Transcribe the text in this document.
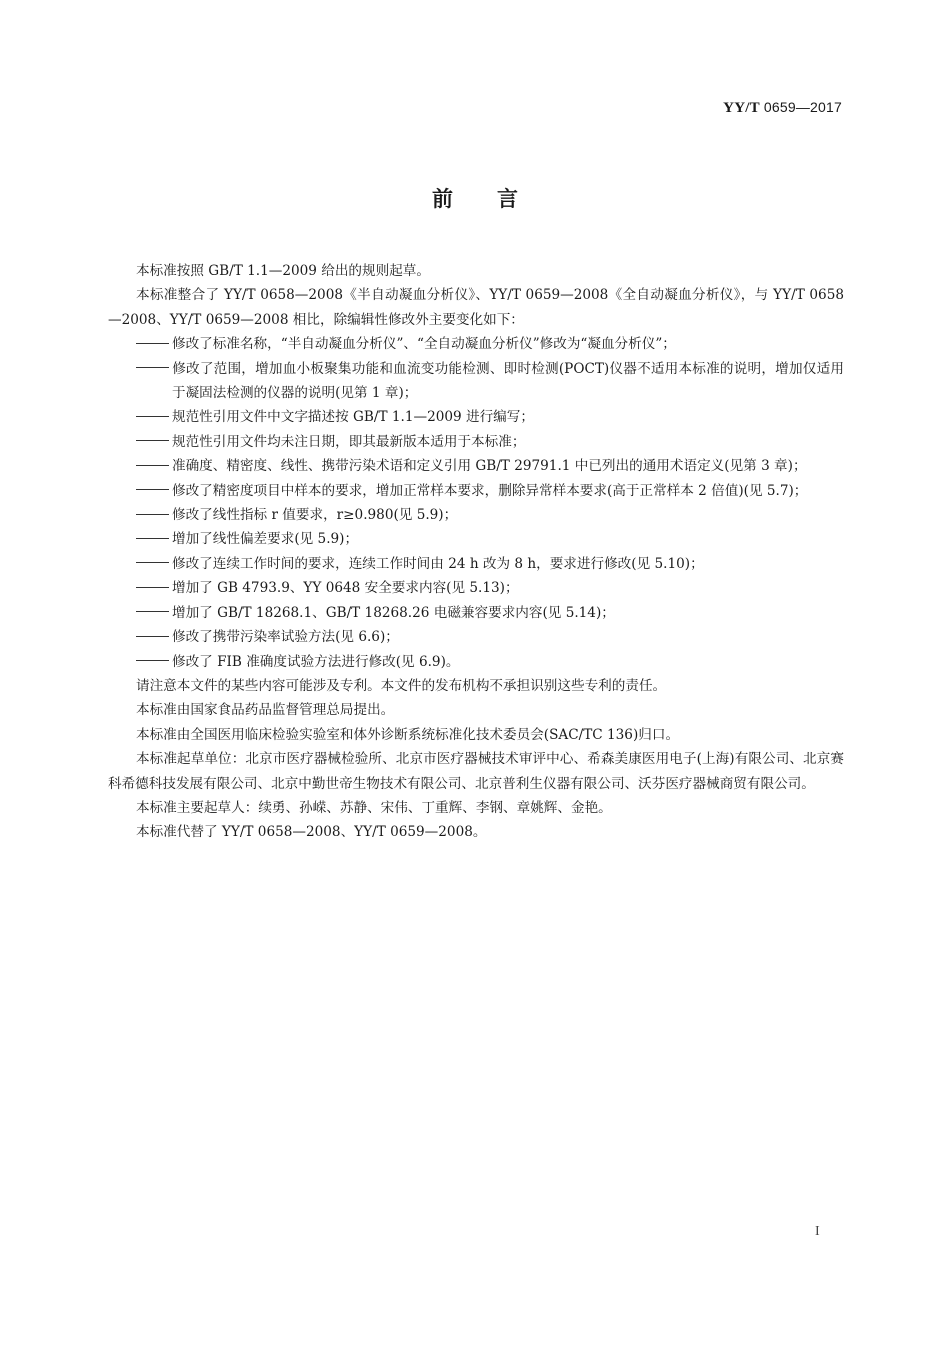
YY/T 0659—2017
前言

本标准按照 GB/T 1.1—2009 给出的规则起草。

本标准整合了 YY/T 0658—2008《半自动凝血分析仪》、YY/T 0659—2008《全自动凝血分析仪》，与 YY/T 0658—2008、YY/T 0659—2008 相比，除编辑性修改外主要变化如下：

修改了标准名称，“半自动凝血分析仪”、“全自动凝血分析仪”修改为“凝血分析仪”；

修改了范围，增加血小板聚集功能和血流变功能检测、即时检测(POCT)仪器不适用本标准的说明，增加仅适用于凝固法检测的仪器的说明(见第 1 章)；

规范性引用文件中文字描述按 GB/T 1.1—2009 进行编写；

规范性引用文件均未注日期，即其最新版本适用于本标准；

准确度、精密度、线性、携带污染术语和定义引用 GB/T 29791.1 中已列出的通用术语定义(见第 3 章)；

修改了精密度项目中样本的要求，增加正常样本要求，删除异常样本要求(高于正常样本 2 倍值)(见 5.7)；

修改了线性指标 r 值要求，r≥0.980(见 5.9)；

增加了线性偏差要求(见 5.9)；

修改了连续工作时间的要求，连续工作时间由 24 h 改为 8 h，要求进行修改(见 5.10)；

增加了 GB 4793.9、YY 0648 安全要求内容(见 5.13)；

增加了 GB/T 18268.1、GB/T 18268.26 电磁兼容要求内容(见 5.14)；

修改了携带污染率试验方法(见 6.6)；

修改了 FIB 准确度试验方法进行修改(见 6.9)。

请注意本文件的某些内容可能涉及专利。本文件的发布机构不承担识别这些专利的责任。

本标准由国家食品药品监督管理总局提出。

本标准由全国医用临床检验实验室和体外诊断系统标准化技术委员会(SAC/TC 136)归口。

本标准起草单位：北京市医疗器械检验所、北京市医疗器械技术审评中心、希森美康医用电子(上海)有限公司、北京赛科希德科技发展有限公司、北京中勤世帝生物技术有限公司、北京普利生仪器有限公司、沃芬医疗器械商贸有限公司。

本标准主要起草人：续勇、孙嵘、苏静、宋伟、丁重辉、李钢、章姚辉、金艳。

本标准代替了 YY/T 0658—2008、YY/T 0659—2008。

I
